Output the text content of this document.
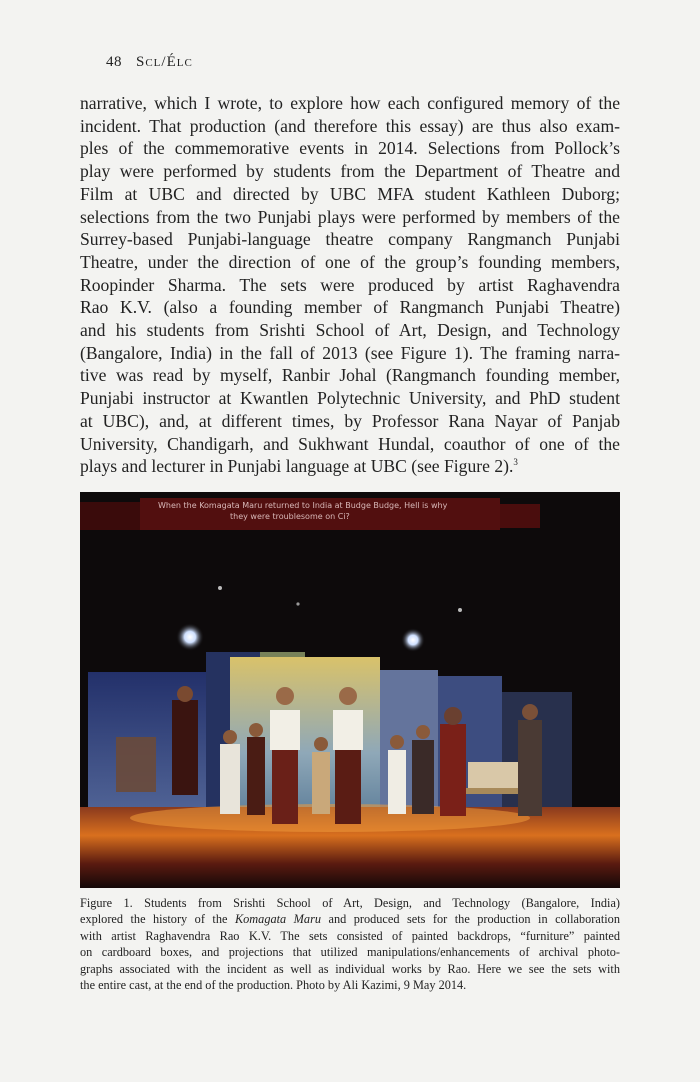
48 Scl/Élc
narrative, which I wrote, to explore how each configured memory of the
incident. That production (and therefore this essay) are thus also exam-
ples of the commemorative events in 2014. Selections from Pollock’s
play were performed by students from the Department of Theatre and
Film at UBC and directed by UBC MFA student Kathleen Duborg;
selections from the two Punjabi plays were performed by members of the
Surrey-based Punjabi-language theatre company Rangmanch Punjabi
Theatre, under the direction of one of the group’s founding members,
Roopinder Sharma. The sets were produced by artist Raghavendra
Rao K.V. (also a founding member of Rangmanch Punjabi Theatre)
and his students from Srishti School of Art, Design, and Technology
(Bangalore, India) in the fall of 2013 (see Figure 1). The framing narra-
tive was read by myself, Ranbir Johal (Rangmanch founding member,
Punjabi instructor at Kwantlen Polytechnic University, and PhD student
at UBC), and, at different times, by Professor Rana Nayar of Panjab
University, Chandigarh, and Sukhwant Hundal, coauthor of one of the
plays and lecturer in Punjabi language at UBC (see Figure 2).$^3$
When the Komagata Maru returned to India at Budge Budge, Hell is why
they were troublesome on Ci?
Figure 1. Students from Srishti School of Art, Design, and Technology (Bangalore, India)
explored the history of the Komagata Maru and produced sets for the production in collaboration
with artist Raghavendra Rao K.V. The sets consisted of painted backdrops, “furniture” painted
on cardboard boxes, and projections that utilized manipulations/enhancements of archival photo-
graphs associated with the incident as well as individual works by Rao. Here we see the sets with
the entire cast, at the end of the production. Photo by Ali Kazimi, 9 May 2014.
